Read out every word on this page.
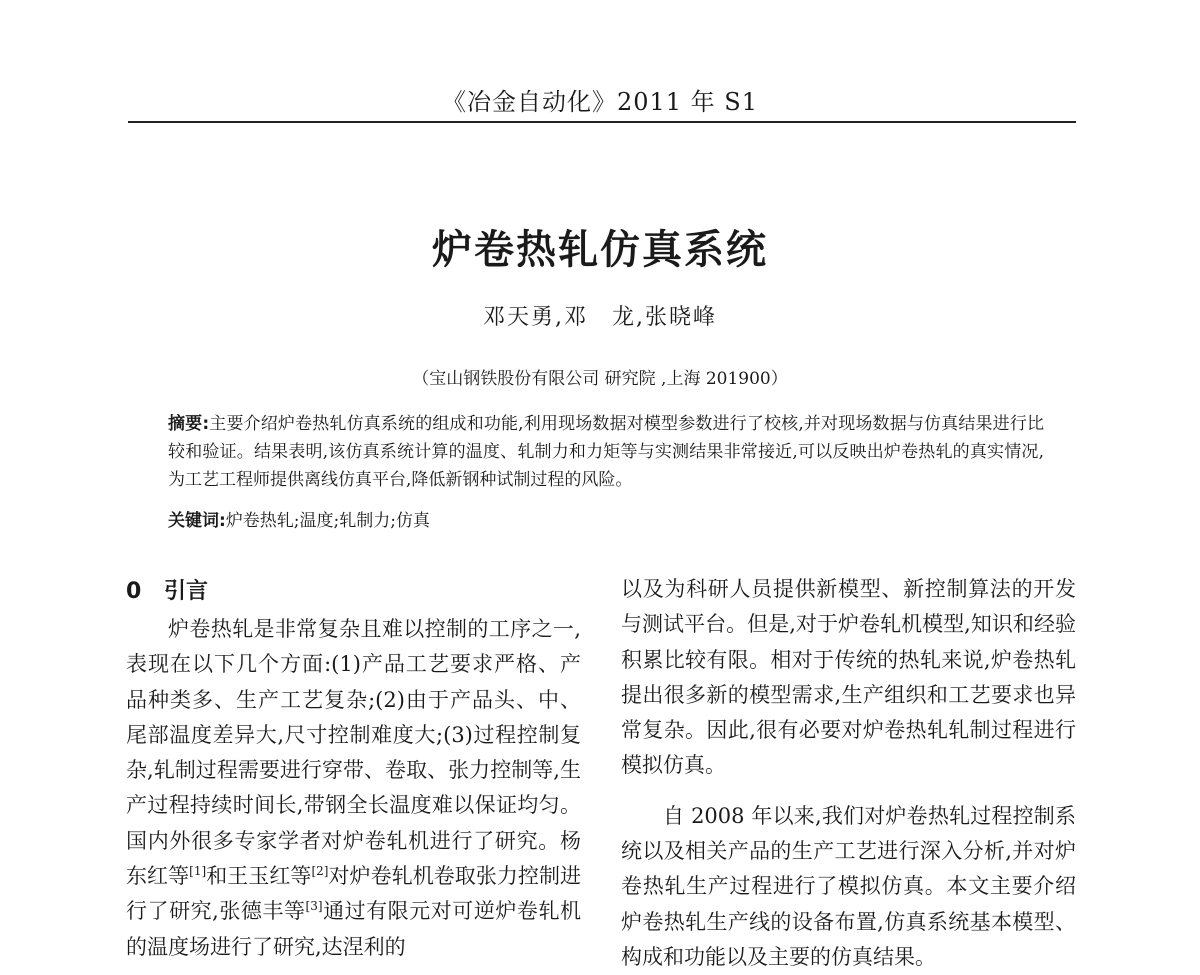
《冶金自动化》2011 年 S1
炉卷热轧仿真系统
邓天勇,邓　龙,张晓峰
（宝山钢铁股份有限公司 研究院 ,上海 201900）
摘要:主要介绍炉卷热轧仿真系统的组成和功能,利用现场数据对模型参数进行了校核,并对现场数据与仿真结果进行比较和验证。结果表明,该仿真系统计算的温度、轧制力和力矩等与实测结果非常接近,可以反映出炉卷热轧的真实情况,为工艺工程师提供离线仿真平台,降低新钢种试制过程的风险。
关键词:炉卷热轧;温度;轧制力;仿真
0 引言

炉卷热轧是非常复杂且难以控制的工序之一,表现在以下几个方面:(1)产品工艺要求严格、产品种类多、生产工艺复杂;(2)由于产品头、中、尾部温度差异大,尺寸控制难度大;(3)过程控制复杂,轧制过程需要进行穿带、卷取、张力控制等,生产过程持续时间长,带钢全长温度难以保证均匀。国内外很多专家学者对炉卷轧机进行了研究。杨东红等[1]和王玉红等[2]对炉卷轧机卷取张力控制进行了研究,张德丰等[3]通过有限元对可逆炉卷轧机的温度场进行了研究,达涅利的

以及为科研人员提供新模型、新控制算法的开发与测试平台。但是,对于炉卷轧机模型,知识和经验积累比较有限。相对于传统的热轧来说,炉卷热轧提出很多新的模型需求,生产组织和工艺要求也异常复杂。因此,很有必要对炉卷热轧轧制过程进行模拟仿真。

自 2008 年以来,我们对炉卷热轧过程控制系统以及相关产品的生产工艺进行深入分析,并对炉卷热轧生产过程进行了模拟仿真。本文主要介绍炉卷热轧生产线的设备布置,仿真系统基本模型、构成和功能以及主要的仿真结果。
